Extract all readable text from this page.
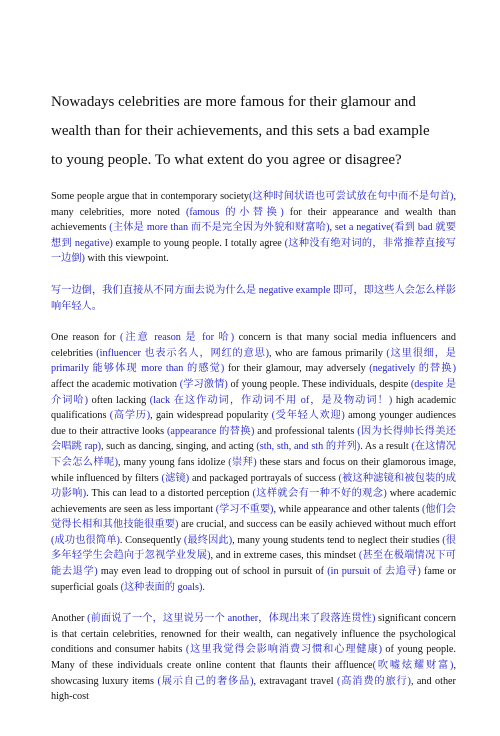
Nowadays celebrities are more famous for their glamour and

wealth than for their achievements, and this sets a bad example

to young people. To what extent do you agree or disagree?

Some people argue that in contemporary society(这种时间状语也可尝试放在句中而不是句首), many celebrities, more noted (famous 的小替换) for their appearance and wealth than achievements (主体是 more than 而不是完全因为外貌和财富哈), set a negative(看到 bad 就要想到 negative) example to young people. I totally agree (这种没有绝对词的，非常推荐直接写一边倒) with this viewpoint.

写一边倒，我们直接从不同方面去说为什么是 negative example 即可，即这些人会怎么样影响年轻人。

One reason for (注意 reason 是 for 哈) concern is that many social media influencers and celebrities (influencer 也表示名人，网红的意思), who are famous primarily (这里很细，是 primarily 能够体现 more than 的感觉) for their glamour, may adversely (negatively 的替换) affect the academic motivation (学习激情) of young people. These individuals, despite (despite 是介词哈) often lacking (lack 在这作动词，作动词不用 of，是及物动词！) high academic qualifications (高学历), gain widespread popularity (受年轻人欢迎) among younger audiences due to their attractive looks (appearance 的替换) and professional talents (因为长得帅长得美还会唱跳 rap), such as dancing, singing, and acting (sth, sth, and sth 的并列). As a result (在这情况下会怎么样呢), many young fans idolize (崇拜) these stars and focus on their glamorous image, while influenced by filters (滤镜) and packaged portrayals of success (被这种滤镜和被包装的成功影响). This can lead to a distorted perception (这样就会有一种不好的观念) where academic achievements are seen as less important (学习不重要), while appearance and other talents (他们会觉得长相和其他技能很重要) are crucial, and success can be easily achieved without much effort (成功也很简单). Consequently (最终因此), many young students tend to neglect their studies (很多年轻学生会趋向于忽视学业发展), and in extreme cases, this mindset (甚至在极端情况下可能去退学) may even lead to dropping out of school in pursuit of (in pursuit of 去追寻) fame or superficial goals (这种表面的 goals).

Another (前面说了一个，这里说另一个 another，体现出来了段落连贯性) significant concern is that certain celebrities, renowned for their wealth, can negatively influence the psychological conditions and consumer habits (这里我觉得会影响消费习惯和心理健康) of young people. Many of these individuals create online content that flaunts their affluence(吹嘘炫耀财富), showcasing luxury items (展示自己的奢侈品), extravagant travel (高消费的旅行), and other high-cost
